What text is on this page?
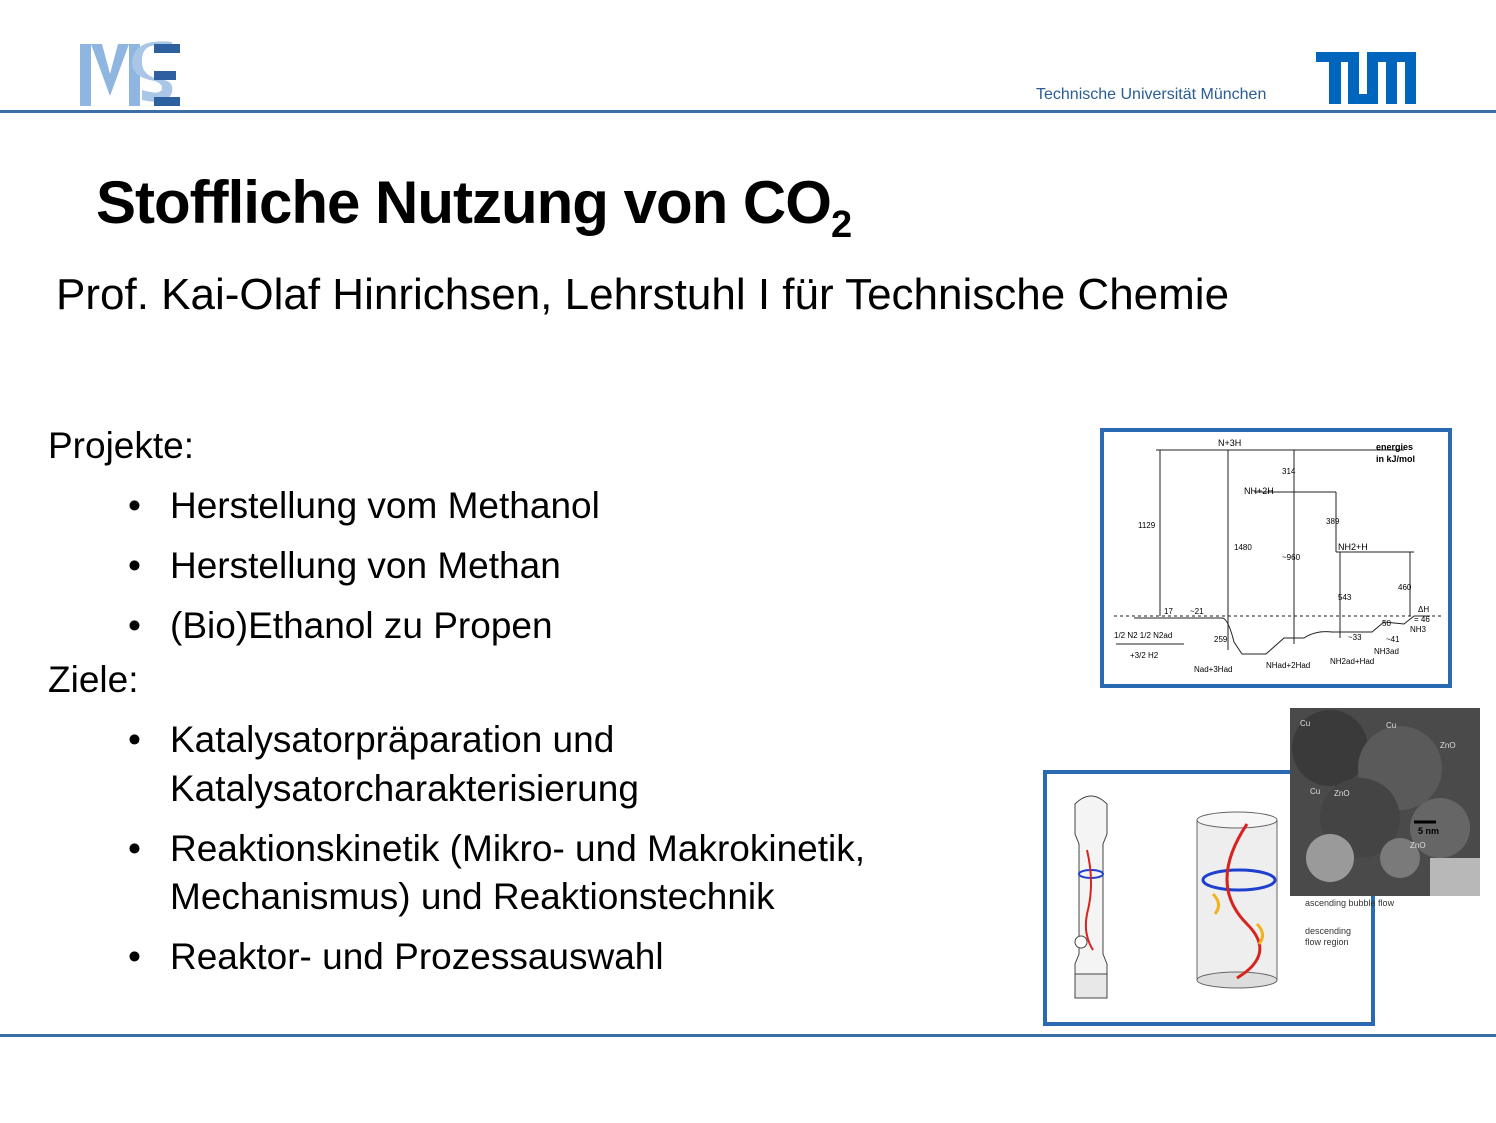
Technische Universität München
Stoffliche Nutzung von $CO_2$
Prof. Kai-Olaf Hinrichsen, Lehrstuhl I für Technische Chemie
Projekte:
• Herstellung vom Methanol
• Herstellung von Methan
• (Bio)Ethanol zu Propen
Ziele:
• Katalysatorpräparation und Katalysatorcharakterisierung
• Reaktionskinetik (Mikro- und Makrokinetik, Mechanismus) und Reaktionstechnik
• Reaktor- und Prozessauswahl
N+3H	energies
in kJ/mol
314
NH+2H
1129
1480
~960
389
NH2+H
543
460
17 ~21
259
50
~33	~41
ΔH
= 46
NH3
1/2 N2 1/2 N2ad
+3/2 H2
Nad+3Had	NHad+2Had NH2ad+Had
NH3ad
ascending bubble flow
descending
flow region
5 nm
Cu	Cu
ZnO
ZnO
Cu
ZnO
